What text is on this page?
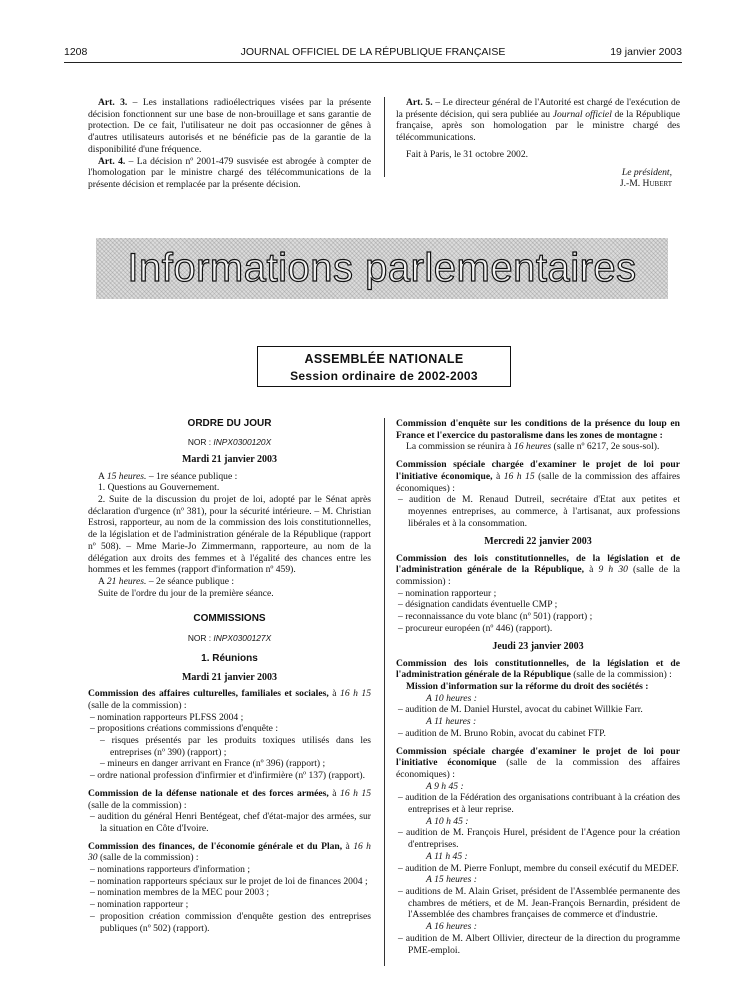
1208	JOURNAL OFFICIEL DE LA RÉPUBLIQUE FRANÇAISE	19 janvier 2003

Art. 3. – Les installations radioélectriques visées par la présente décision fonctionnent sur une base de non-brouillage et sans garantie de protection. De ce fait, l'utilisateur ne doit pas occasionner de gênes à d'autres utilisateurs autorisés et ne bénéficie pas de la garantie de la disponibilité d'une fréquence.

Art. 4. – La décision nº 2001-479 susvisée est abrogée à compter de l'homologation par le ministre chargé des télécommunications de la présente décision et remplacée par la présente décision.

Art. 5. – Le directeur général de l'Autorité est chargé de l'exécution de la présente décision, qui sera publiée au Journal officiel de la République française, après son homologation par le ministre chargé des télécommunications.

Fait à Paris, le 31 octobre 2002.

Le président,
J.-M. Hubert
Informations parlementaires
ASSEMBLÉE NATIONALE
Session ordinaire de 2002-2003
ORDRE DU JOUR
NOR : INPX0300120X
Mardi 21 janvier 2003

A 15 heures. – 1re séance publique :

1. Questions au Gouvernement.

2. Suite de la discussion du projet de loi, adopté par le Sénat après déclaration d'urgence (nº 381), pour la sécurité intérieure. – M. Christian Estrosi, rapporteur, au nom de la commission des lois constitutionnelles, de la législation et de l'administration générale de la République (rapport nº 508). – Mme Marie-Jo Zimmermann, rapporteure, au nom de la délégation aux droits des femmes et à l'égalité des chances entre les hommes et les femmes (rapport d'information nº 459).

A 21 heures. – 2e séance publique :

Suite de l'ordre du jour de la première séance.

COMMISSIONS
NOR : INPX0300127X
1. Réunions
Mardi 21 janvier 2003

Commission des affaires culturelles, familiales et sociales, à 16 h 15 (salle de la commission) :

– nomination rapporteurs PLFSS 2004 ;
– propositions créations commissions d'enquête :
– risques présentés par les produits toxiques utilisés dans les entreprises (nº 390) (rapport) ;
– mineurs en danger arrivant en France (nº 396) (rapport) ;
– ordre national profession d'infirmier et d'infirmière (nº 137) (rapport).

Commission de la défense nationale et des forces armées, à 16 h 15 (salle de la commission) :

– audition du général Henri Bentégeat, chef d'état-major des armées, sur la situation en Côte d'Ivoire.

Commission des finances, de l'économie générale et du Plan, à 16 h 30 (salle de la commission) :

– nominations rapporteurs d'information ;
– nomination rapporteurs spéciaux sur le projet de loi de finances 2004 ;
– nomination membres de la MEC pour 2003 ;
– nomination rapporteur ;
– proposition création commission d'enquête gestion des entreprises publiques (nº 502) (rapport).

Commission d'enquête sur les conditions de la présence du loup en France et l'exercice du pastoralisme dans les zones de montagne :

La commission se réunira à 16 heures (salle nº 6217, 2e sous-sol).

Commission spéciale chargée d'examiner le projet de loi pour l'initiative économique, à 16 h 15 (salle de la commission des affaires économiques) :

– audition de M. Renaud Dutreil, secrétaire d'Etat aux petites et moyennes entreprises, au commerce, à l'artisanat, aux professions libérales et à la consommation.
Mercredi 22 janvier 2003

Commission des lois constitutionnelles, de la législation et de l'administration générale de la République, à 9 h 30 (salle de la commission) :

– nomination rapporteur ;
– désignation candidats éventuelle CMP ;
– reconnaissance du vote blanc (nº 501) (rapport) ;
– procureur européen (nº 446) (rapport).
Jeudi 23 janvier 2003

Commission des lois constitutionnelles, de la législation et de l'administration générale de la République (salle de la commission) :

Mission d'information sur la réforme du droit des sociétés :

A 10 heures :
– audition de M. Daniel Hurstel, avocat du cabinet Willkie Farr.
A 11 heures :
– audition de M. Bruno Robin, avocat du cabinet FTP.

Commission spéciale chargée d'examiner le projet de loi pour l'initiative économique (salle de la commission des affaires économiques) :

A 9 h 45 :
– audition de la Fédération des organisations contribuant à la création des entreprises et à leur reprise.
A 10 h 45 :
– audition de M. François Hurel, président de l'Agence pour la création d'entreprises.
A 11 h 45 :
– audition de M. Pierre Fonlupt, membre du conseil exécutif du MEDEF.
A 15 heures :
– auditions de M. Alain Griset, président de l'Assemblée permanente des chambres de métiers, et de M. Jean-François Bernardin, président de l'Assemblée des chambres françaises de commerce et d'industrie.
A 16 heures :
– audition de M. Albert Ollivier, directeur de la direction du programme PME-emploi.
